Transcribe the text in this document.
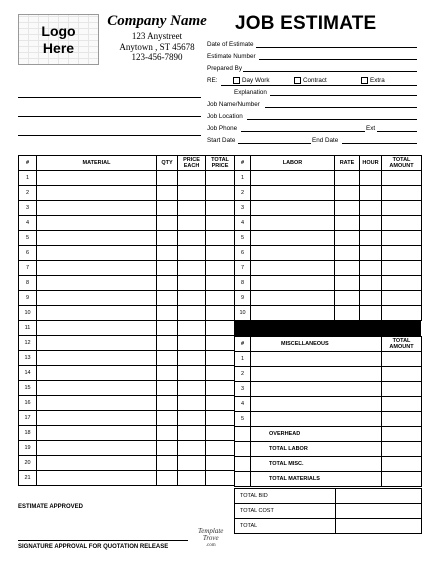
Logo
Here
Company Name
123 Anystreet
Anytown , ST 45678
123-456-7890
JOB ESTIMATE
Date of Estimate
Estimate Number
Prepared By
RE:	Day Work	Contract	Extra
Explanation
Job Name/Number
Job Location
Job Phone	Ext
Start Date	End Date
#	MATERIAL	QTY	PRICE EACH	TOTAL PRICE
1				
2				
3				
4				
5				
6				
7				
8				
9				
10				
11				
12				
13				
14				
15				
16				
17				
18				
19				
20				
21				
#	LABOR	RATE	HOUR	TOTAL AMOUNT
1				
2				
3				
4				
5				
6				
7				
8				
9				
10				
#	MISCELLANEOUS	TOTAL AMOUNT
1		
2		
3		
4		
5		
	OVERHEAD	
	TOTAL LABOR	
	TOTAL MISC.	
	TOTAL MATERIALS	
TOTAL BID	
TOTAL COST	
TOTAL	
ESTIMATE APPROVED
SIGNATURE APPROVAL FOR QUOTATION RELEASE
Template
Trove
.com
